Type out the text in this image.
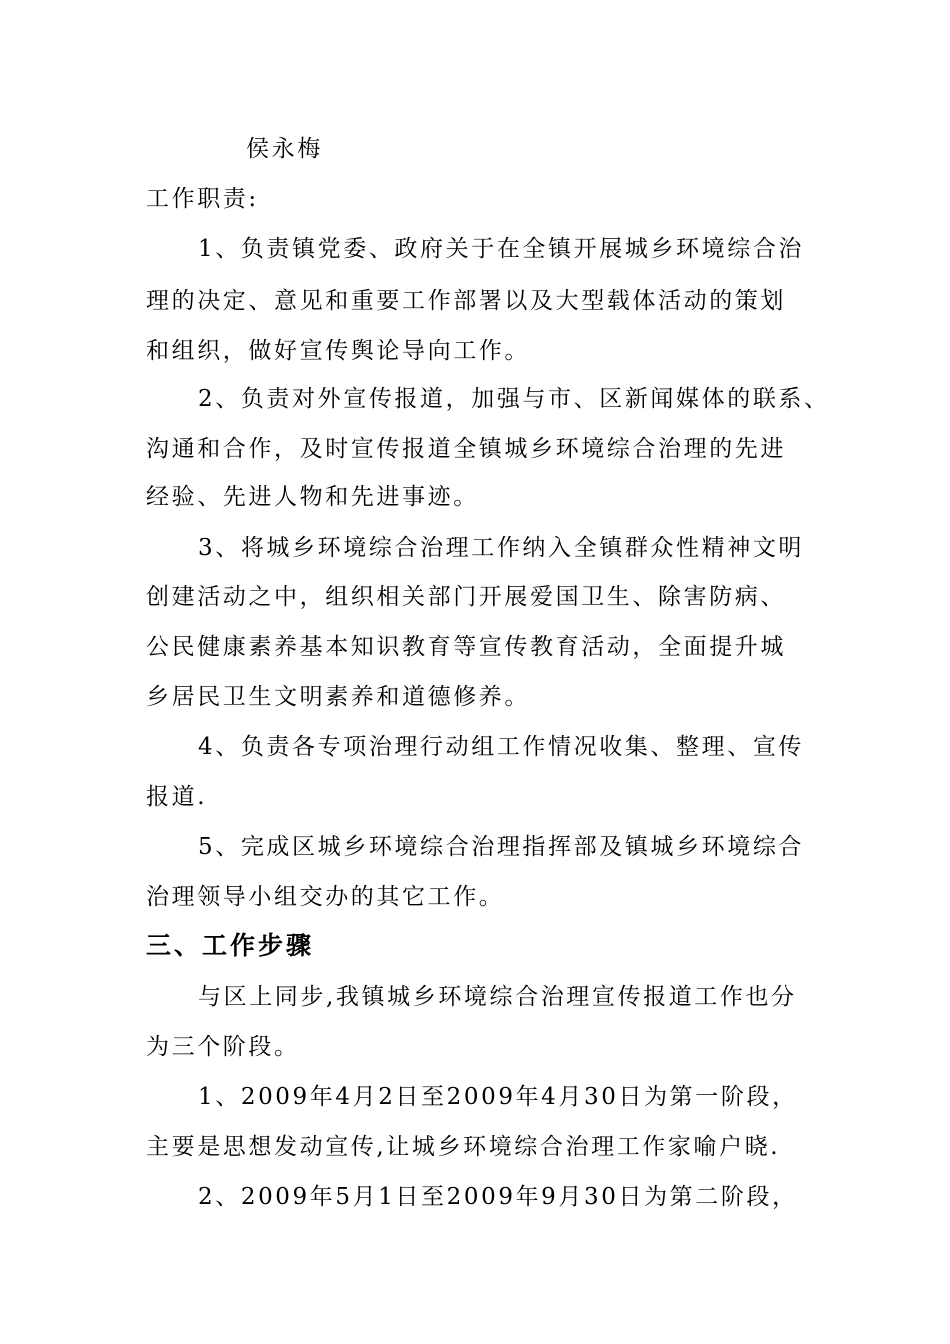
侯永梅
工作职责:
1、负责镇党委、政府关于在全镇开展城乡环境综合治
理的决定、意见和重要工作部署以及大型载体活动的策划
和组织，做好宣传舆论导向工作。
2、负责对外宣传报道，加强与市、区新闻媒体的联系、
沟通和合作，及时宣传报道全镇城乡环境综合治理的先进
经验、先进人物和先进事迹。
3、将城乡环境综合治理工作纳入全镇群众性精神文明
创建活动之中，组织相关部门开展爱国卫生、除害防病、
公民健康素养基本知识教育等宣传教育活动，全面提升城
乡居民卫生文明素养和道德修养。
4、负责各专项治理行动组工作情况收集、整理、宣传
报道.
5、完成区城乡环境综合治理指挥部及镇城乡环境综合
治理领导小组交办的其它工作。
三、工作步骤
与区上同步,我镇城乡环境综合治理宣传报道工作也分
为三个阶段。
1、2009年4月2日至2009年4月30日为第一阶段，
主要是思想发动宣传,让城乡环境综合治理工作家喻户晓.
2、2009年5月1日至2009年9月30日为第二阶段，
